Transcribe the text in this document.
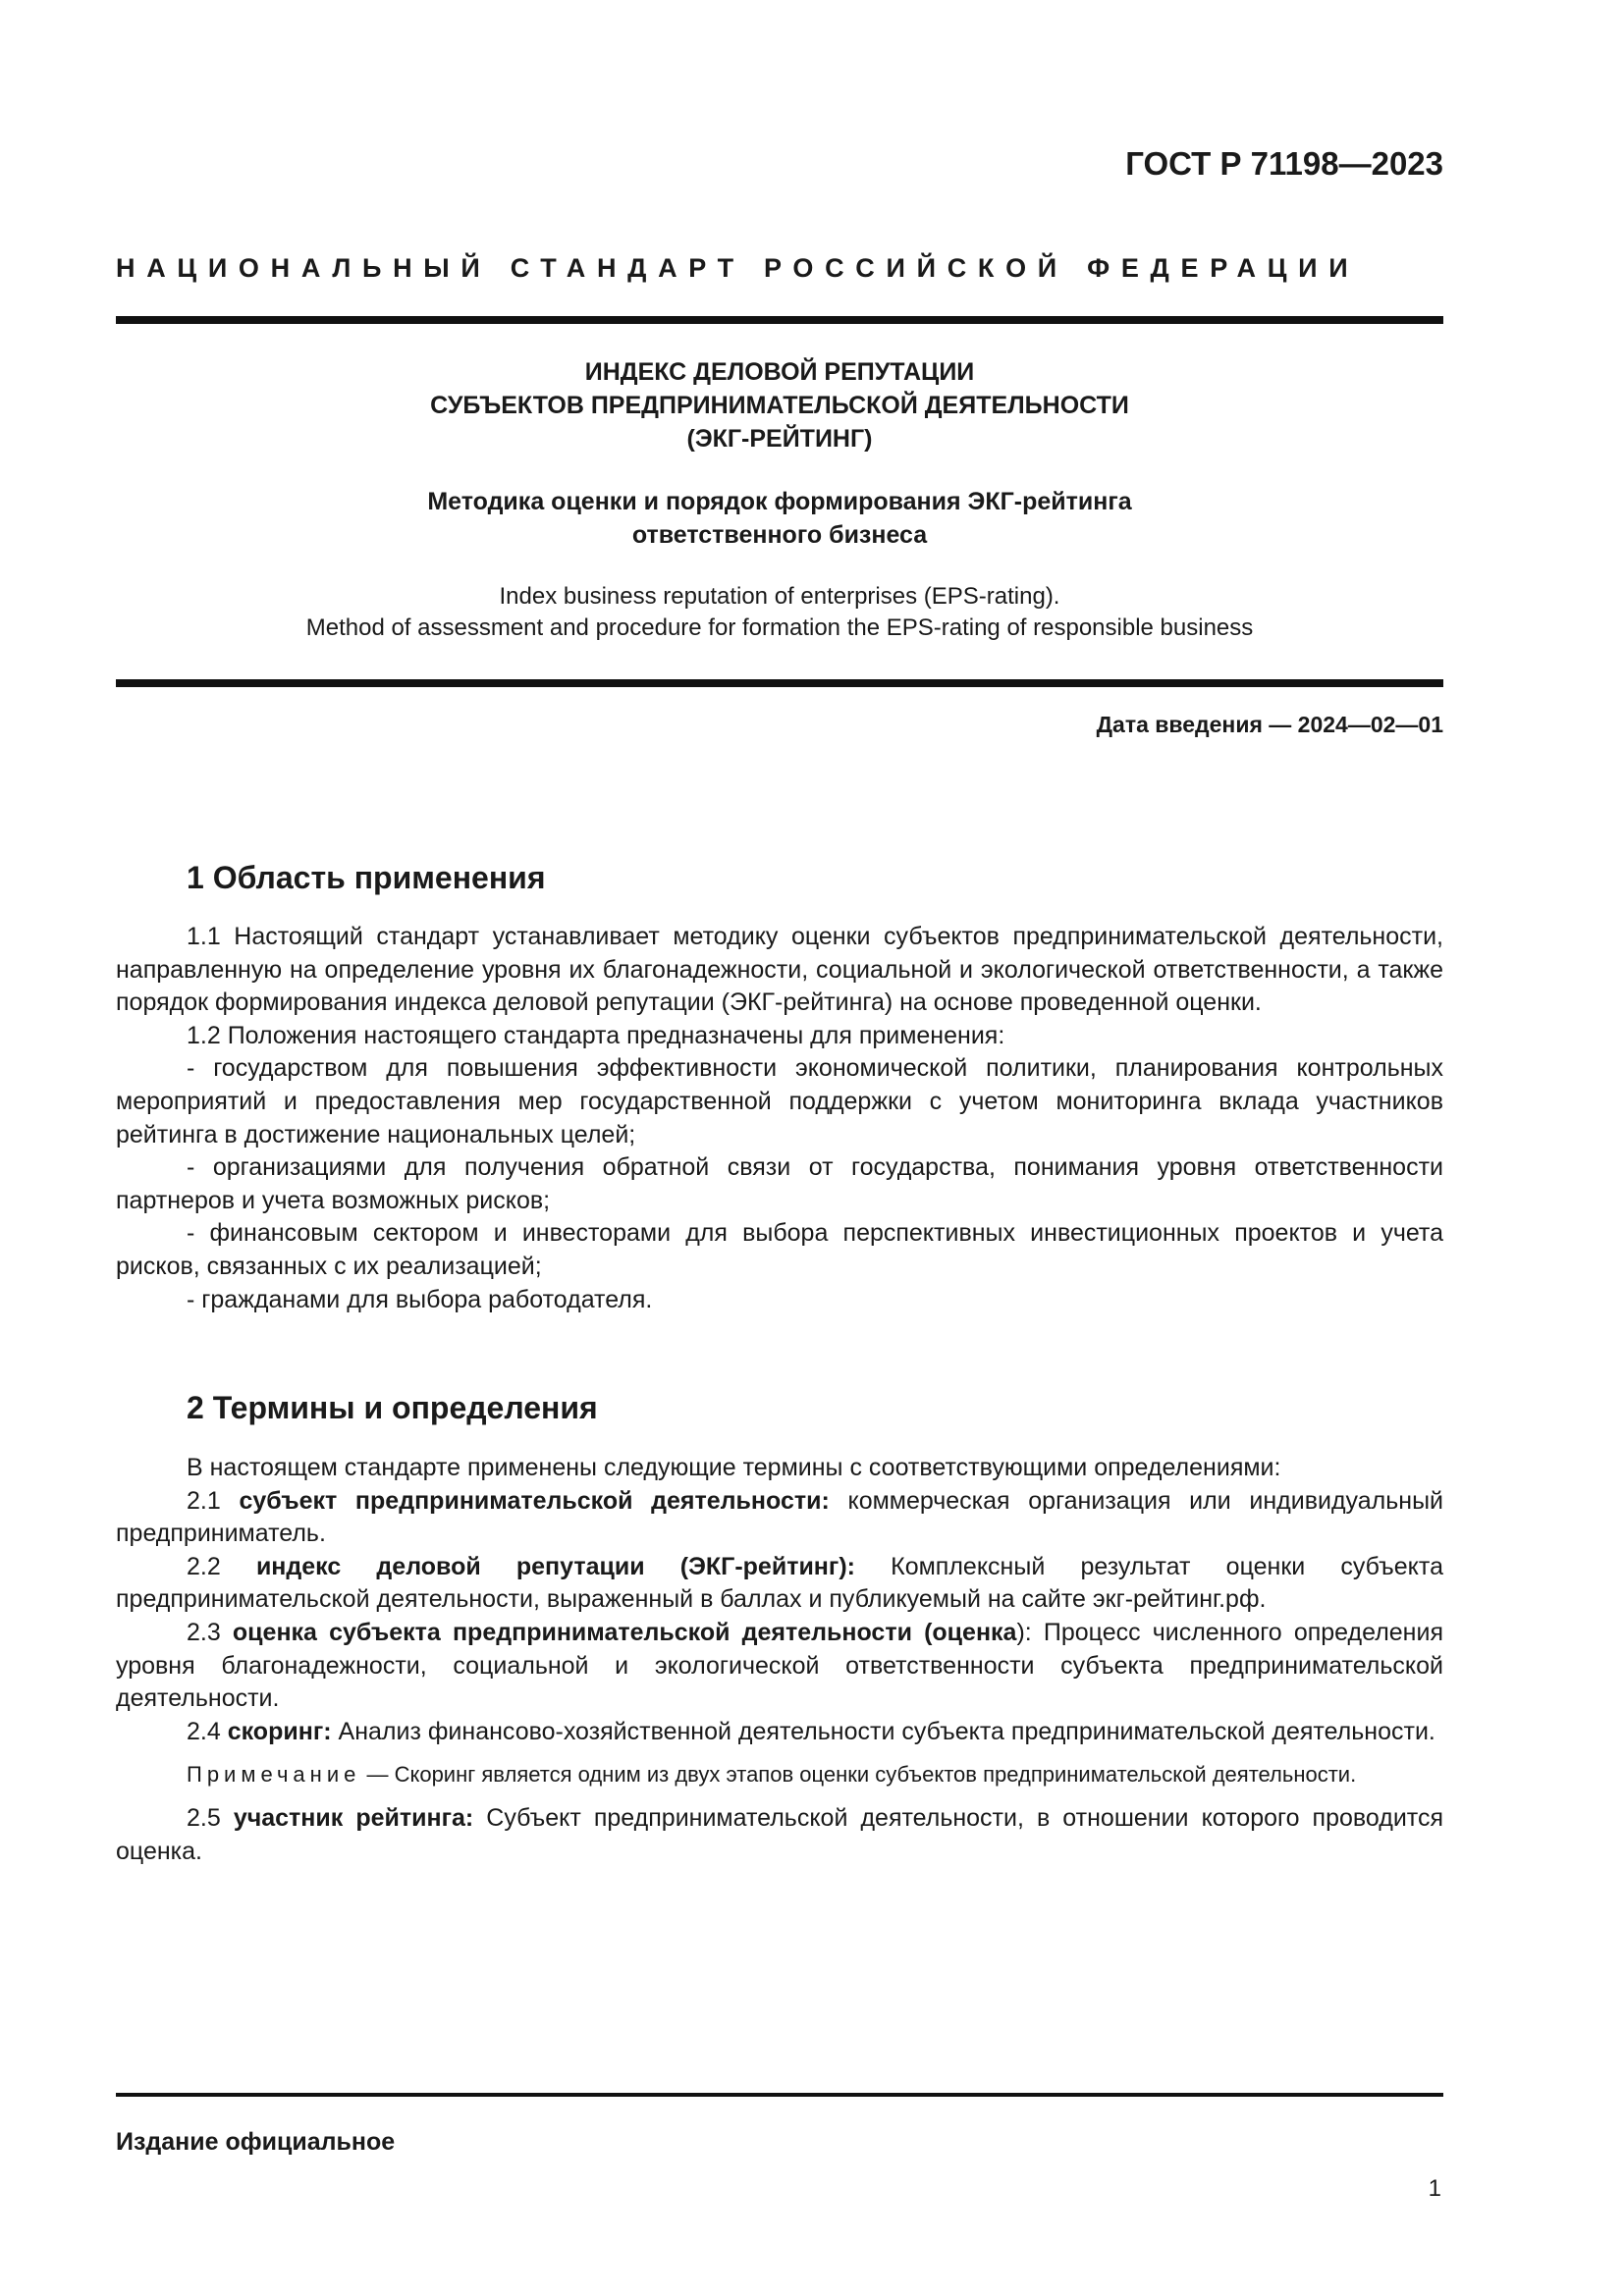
ГОСТ Р 71198—2023
НАЦИОНАЛЬНЫЙ СТАНДАРТ РОССИЙСКОЙ ФЕДЕРАЦИИ
ИНДЕКС ДЕЛОВОЙ РЕПУТАЦИИ
СУБЪЕКТОВ ПРЕДПРИНИМАТЕЛЬСКОЙ ДЕЯТЕЛЬНОСТИ
(ЭКГ-РЕЙТИНГ)
Методика оценки и порядок формирования ЭКГ-рейтинга
ответственного бизнеса
Index business reputation of enterprises (EPS-rating).
Method of assessment and procedure for formation the EPS-rating of responsible business
Дата введения — 2024—02—01
1 Область применения

1.1 Настоящий стандарт устанавливает методику оценки субъектов предпринимательской деятельности, направленную на определение уровня их благонадежности, социальной и экологической ответственности, а также порядок формирования индекса деловой репутации (ЭКГ-рейтинга) на основе проведенной оценки.

1.2 Положения настоящего стандарта предназначены для применения:

- государством для повышения эффективности экономической политики, планирования контрольных мероприятий и предоставления мер государственной поддержки с учетом мониторинга вклада участников рейтинга в достижение национальных целей;

- организациями для получения обратной связи от государства, понимания уровня ответственности партнеров и учета возможных рисков;

- финансовым сектором и инвесторами для выбора перспективных инвестиционных проектов и учета рисков, связанных с их реализацией;

- гражданами для выбора работодателя.

2 Термины и определения

В настоящем стандарте применены следующие термины с соответствующими определениями:

2.1 субъект предпринимательской деятельности: коммерческая организация или индивидуальный предприниматель.

2.2 индекс деловой репутации (ЭКГ-рейтинг): Комплексный результат оценки субъекта предпринимательской деятельности, выраженный в баллах и публикуемый на сайте экг-рейтинг.рф.

2.3 оценка субъекта предпринимательской деятельности (оценка): Процесс численного определения уровня благонадежности, социальной и экологической ответственности субъекта предпринимательской деятельности.

2.4 скоринг: Анализ финансово-хозяйственной деятельности субъекта предпринимательской деятельности.

Примечание — Скоринг является одним из двух этапов оценки субъектов предпринимательской деятельности.

2.5 участник рейтинга: Субъект предпринимательской деятельности, в отношении которого проводится оценка.

Издание официальное
1
